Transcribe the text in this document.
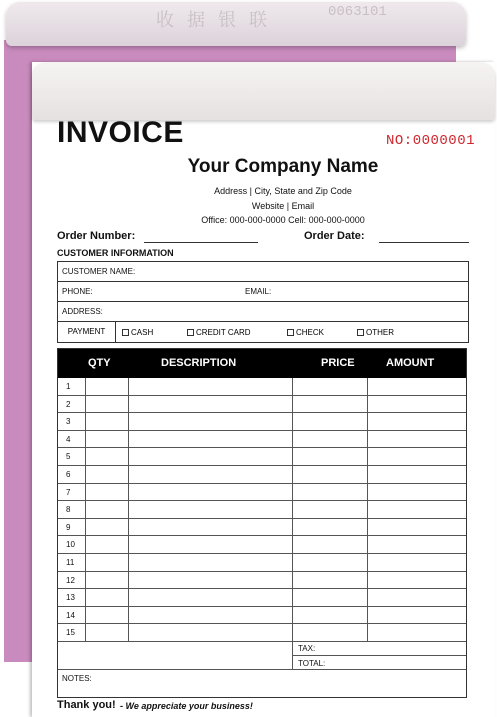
收 据 银 联	0063101
INVOICE	NO:0000001
Your Company Name
Address | City, State and Zip Code
Website | Email
Office: 000-000-0000 Cell: 000-000-0000
Order Number:	Order Date:
CUSTOMER INFORMATION
CUSTOMER NAME:
PHONE:	EMAIL:
ADDRESS:
PAYMENT	CASH	CREDIT CARD	CHECK	OTHER
QTY	DESCRIPTION	PRICE	AMOUNT
1
2
3
4
5
6
7
8
9
10
11
12
13
14
15
TAX:
TOTAL:
NOTES:
Thank you! - We appreciate your business!
